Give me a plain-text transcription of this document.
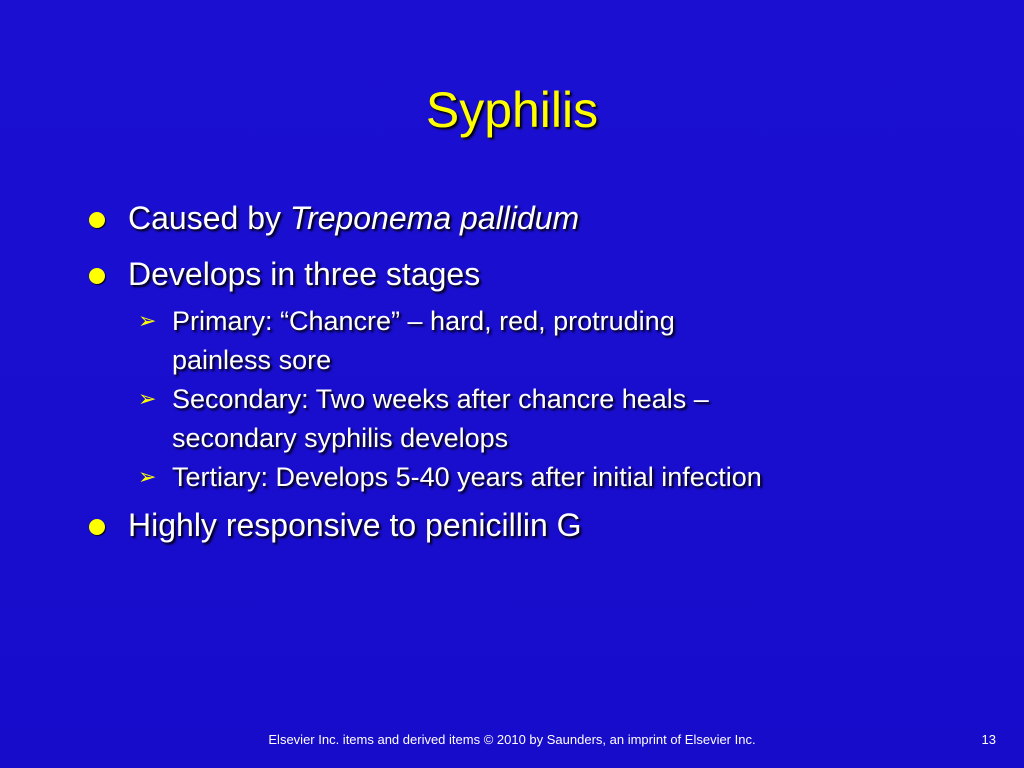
Syphilis
Caused by Treponema pallidum
Develops in three stages
➢ Primary: “Chancre” – hard, red, protruding
painless sore
➢ Secondary: Two weeks after chancre heals –
secondary syphilis develops
➢ Tertiary: Develops 5-40 years after initial infection
Highly responsive to penicillin G
Elsevier Inc. items and derived items © 2010 by Saunders, an imprint of Elsevier Inc.	13
